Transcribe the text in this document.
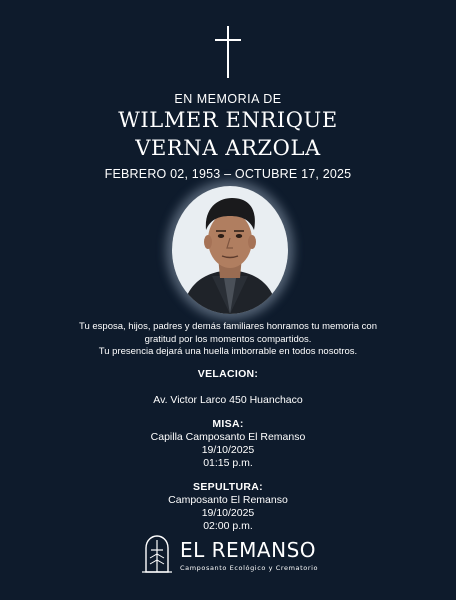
EN MEMORIA DE
WILMER ENRIQUE
VERNA ARZOLA
FEBRERO 02, 1953 – OCTUBRE 17, 2025

Tu esposa, hijos, padres y demás familiares honramos tu memoria con

gratitud por los momentos compartidos.

Tu presencia dejará una huella imborrable en todos nosotros.

VELACION:
Av. Victor Larco 450 Huanchaco
MISA:
Capilla Camposanto El Remanso
19/10/2025
01:15 p.m.
SEPULTURA:
Camposanto El Remanso
19/10/2025
02:00 p.m.
EL REMANSO
Camposanto Ecológico y Crematorio
